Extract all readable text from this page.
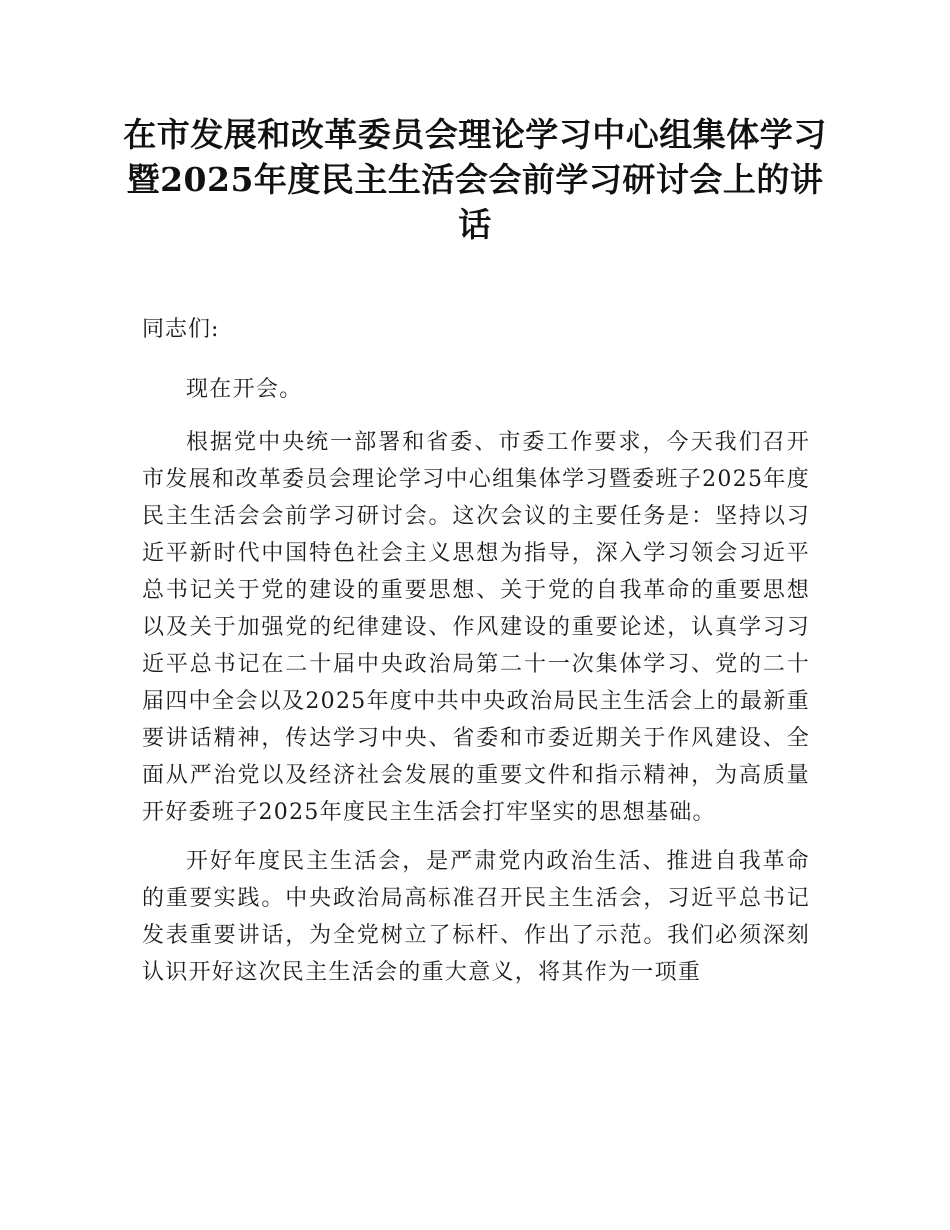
在市发展和改革委员会理论学习中心组集体学习暨2025年度民主生活会会前学习研讨会上的讲话

同志们:

现在开会。

根据党中央统一部署和省委、市委工作要求，今天我们召开市发展和改革委员会理论学习中心组集体学习暨委班子2025年度民主生活会会前学习研讨会。这次会议的主要任务是：坚持以习近平新时代中国特色社会主义思想为指导，深入学习领会习近平总书记关于党的建设的重要思想、关于党的自我革命的重要思想以及关于加强党的纪律建设、作风建设的重要论述，认真学习习近平总书记在二十届中央政治局第二十一次集体学习、党的二十届四中全会以及2025年度中共中央政治局民主生活会上的最新重要讲话精神，传达学习中央、省委和市委近期关于作风建设、全面从严治党以及经济社会发展的重要文件和指示精神，为高质量开好委班子2025年度民主生活会打牢坚实的思想基础。

开好年度民主生活会，是严肃党内政治生活、推进自我革命的重要实践。中央政治局高标准召开民主生活会，习近平总书记发表重要讲话，为全党树立了标杆、作出了示范。我们必须深刻认识开好这次民主生活会的重大意义，将其作为一项重
